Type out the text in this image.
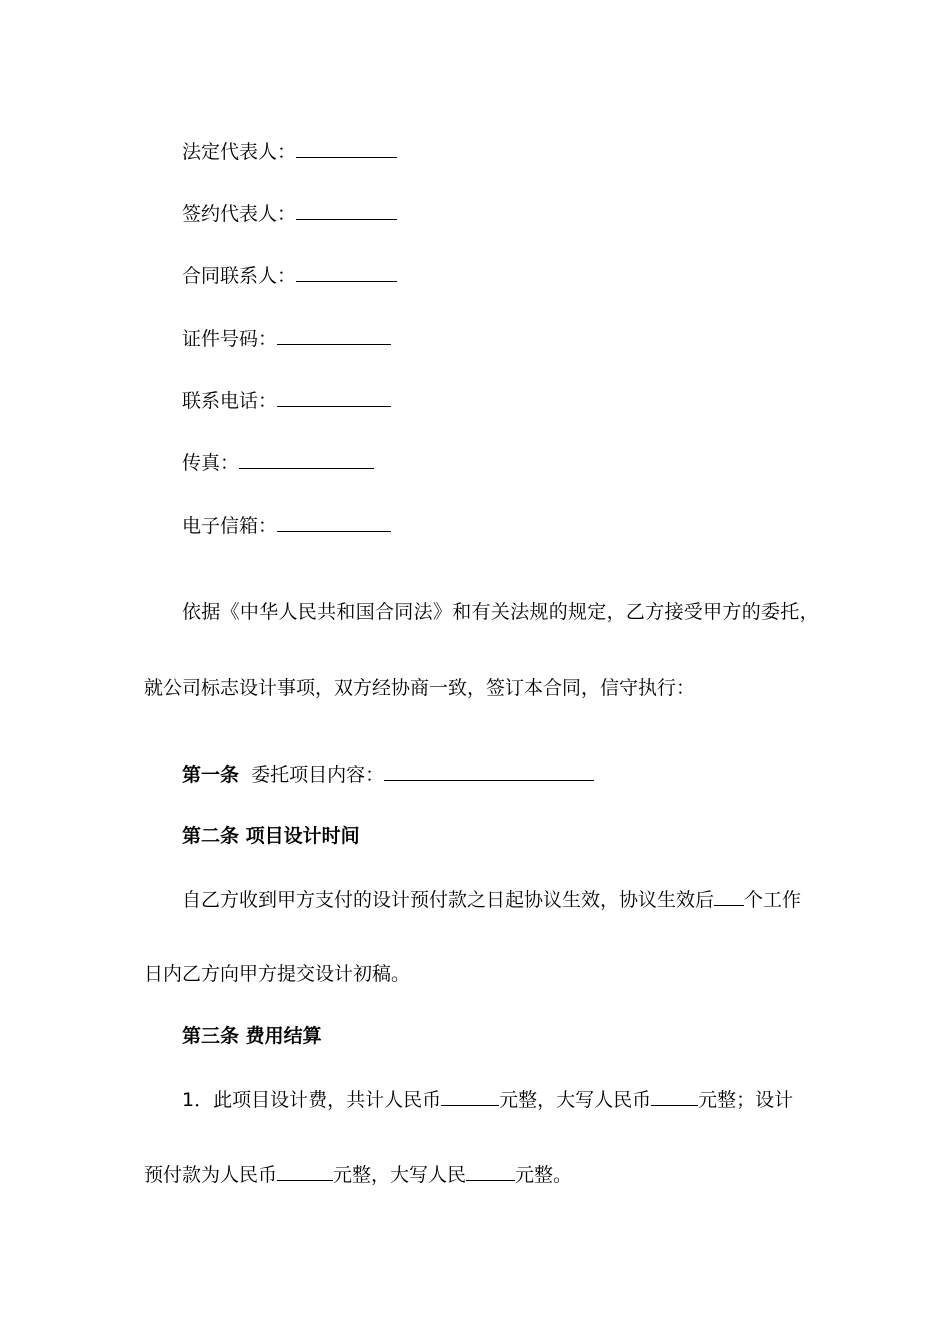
法定代表人：
签约代表人：
合同联系人：
证件号码：
联系电话：
传真：
电子信箱：
依据《中华人民共和国合同法》和有关法规的规定，乙方接受甲方的委托，
就公司标志设计事项，双方经协商一致，签订本合同，信守执行：
第一条 委托项目内容：
第二条 项目设计时间
自乙方收到甲方支付的设计预付款之日起协议生效，协议生效后 个工作
日内乙方向甲方提交设计初稿。
第三条 费用结算
1．此项目设计费，共计人民币	元整，大写人民币 元整；设计
预付款为人民币	元整，大写人民	元整。
